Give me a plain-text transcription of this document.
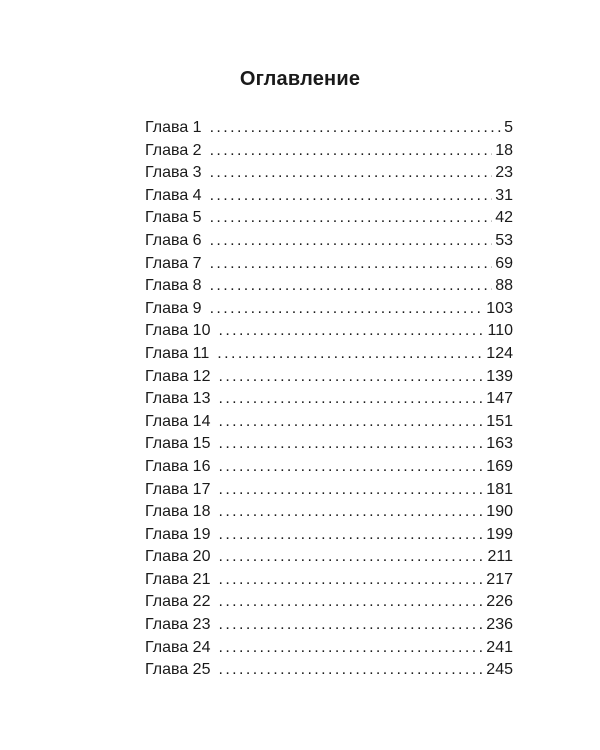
Оглавление
Глава 1 .....	5
Глава 2 .....	18
Глава 3 .....	23
Глава 4 .....	31
Глава 5 .....	42
Глава 6 .....	53
Глава 7 .....	69
Глава 8 .....	88
Глава 9 .....	103
Глава 10 .....	110
Глава 11 .....	124
Глава 12 .....	139
Глава 13 .....	147
Глава 14 .....	151
Глава 15 .....	163
Глава 16 .....	169
Глава 17 .....	181
Глава 18 .....	190
Глава 19 .....	199
Глава 20 .....	211
Глава 21 .....	217
Глава 22 .....	226
Глава 23 .....	236
Глава 24 .....	241
Глава 25 .....	245
